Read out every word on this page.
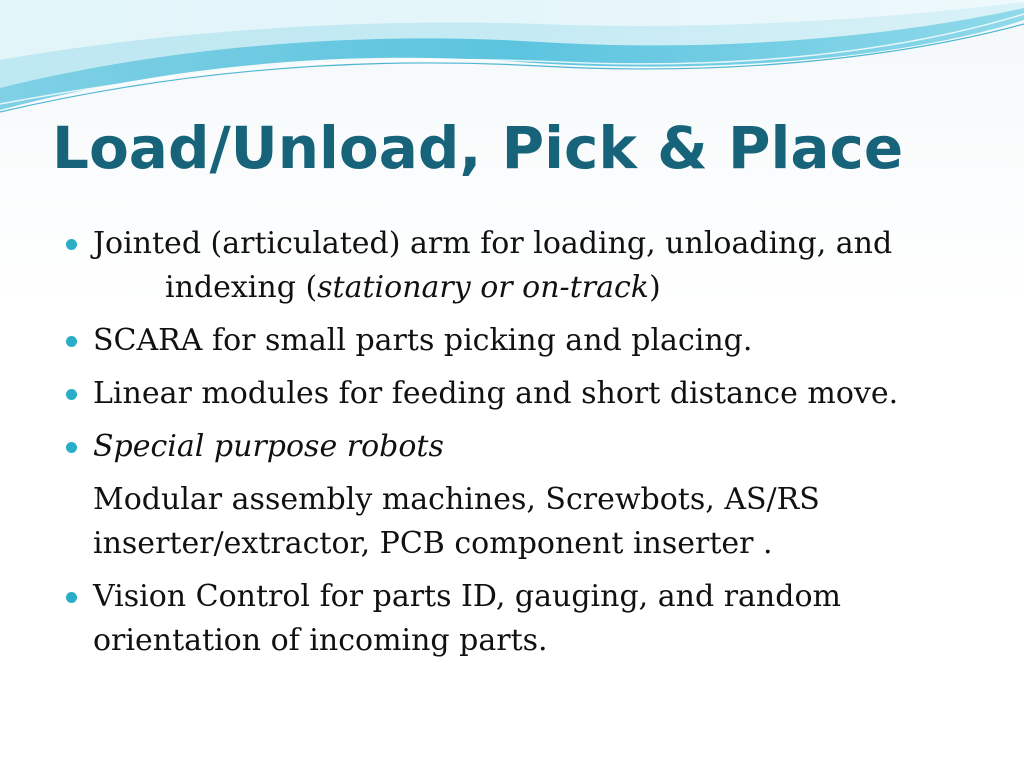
Load/Unload, Pick & Place
Jointed (articulated) arm for loading, unloading, and
indexing (stationary or on-track)
SCARA for small parts picking and placing.
Linear modules for feeding and short distance move.
Special purpose robots
Modular assembly machines, Screwbots, AS/RS
inserter/extractor, PCB component inserter .
Vision Control for parts ID, gauging, and random
orientation of incoming parts.
